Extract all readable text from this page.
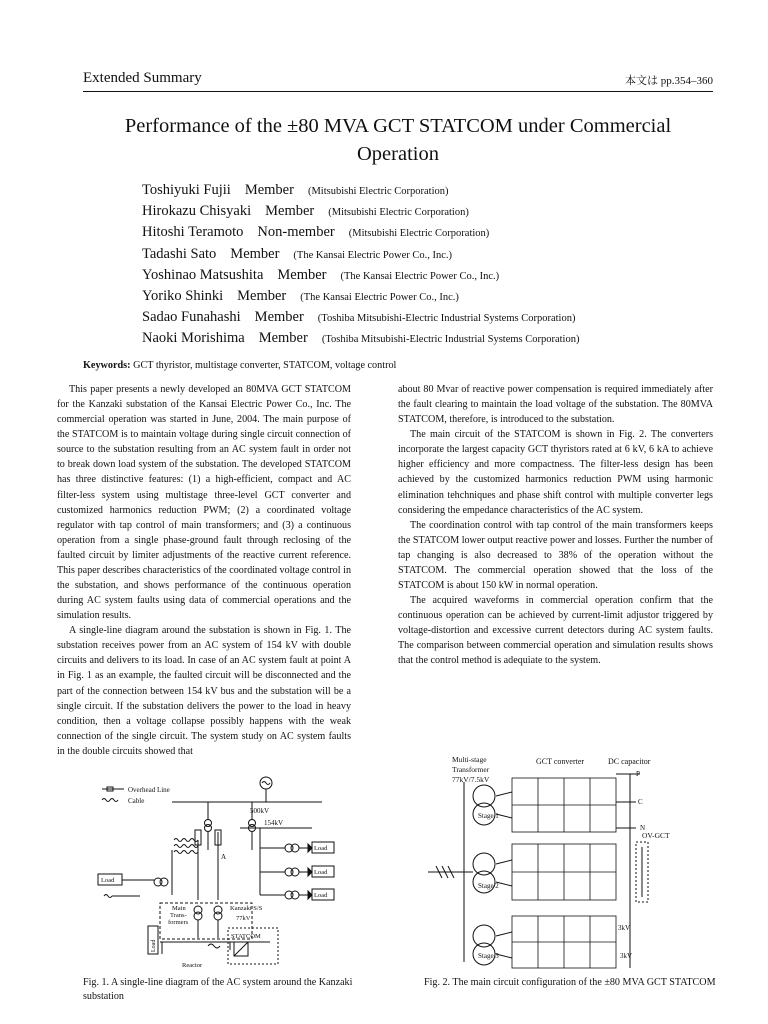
Extended Summary	本文は pp.354–360
Performance of the ±80 MVA GCT STATCOM under Commercial Operation
Toshiyuki Fujii Member (Mitsubishi Electric Corporation)
Hirokazu Chisyaki Member (Mitsubishi Electric Corporation)
Hitoshi Teramoto Non-member (Mitsubishi Electric Corporation)
Tadashi Sato Member (The Kansai Electric Power Co., Inc.)
Yoshinao Matsushita Member (The Kansai Electric Power Co., Inc.)
Yoriko Shinki Member (The Kansai Electric Power Co., Inc.)
Sadao Funahashi Member (Toshiba Mitsubishi-Electric Industrial Systems Corporation)
Naoki Morishima Member (Toshiba Mitsubishi-Electric Industrial Systems Corporation)
Keywords: GCT thyristor, multistage converter, STATCOM, voltage control

This paper presents a newly developed an 80MVA GCT STATCOM for the Kanzaki substation of the Kansai Electric Power Co., Inc. The commercial operation was started in June, 2004. The main purpose of the STATCOM is to maintain voltage during single circuit connection of source to the substation resulting from an AC system fault in order not to break down load system of the substation. The developed STATCOM has three distinctive features: (1) a high-efficient, compact and AC filter-less system using multistage three-level GCT converter and customized harmonics reduction PWM; (2) a coordinated voltage regulator with tap control of main transformers; and (3) a continuous operation from a single phase-ground fault through reclosing of the faulted circuit by limiter adjustments of the reactive current reference. This paper describes characteristics of the coordinated voltage control in the substation, and shows performance of the continuous operation during AC system faults using data of commercial operations and the simulation results.

A single-line diagram around the substation is shown in Fig. 1. The substation receives power from an AC system of 154 kV with double circuits and delivers to its load. In case of an AC system fault at point A in Fig. 1 as an example, the faulted circuit will be disconnected and the part of the connection between 154 kV bus and the substation will be a single circuit. If the substation delivers the power to the load in heavy condition, then a voltage collapse possibly happens with the weak connection of the single circuit. The system study on AC system faults in the double circuits showed that

about 80 Mvar of reactive power compensation is required immediately after the fault clearing to maintain the load voltage of the substation. The 80MVA STATCOM, therefore, is introduced to the substation.

The main circuit of the STATCOM is shown in Fig. 2. The converters incorporate the largest capacity GCT thyristors rated at 6 kV, 6 kA to achieve higher efficiency and more compactness. The filter-less design has been achieved by the customized harmonics reduction PWM using harmonic elimination tehchniques and phase shift control with multiple converter legs considering the empedance characteristics of the AC system.

The coordination control with tap control of the main transformers keeps the STATCOM lower output reactive power and losses. Further the number of tap changing is also decreased to 38% of the operation without the STATCOM. The commercial operation showed that the loss of the STATCOM is about 150 kW in normal operation.

The acquired waveforms in commercial operation confirm that the continuous operation can be achieved by current-limit adjustor triggered by voltage-distortion and excessive current detectors during AC system faults. The comparison between commercial operation and simulation results shows that the control method is adequiate to the system.

Overhead Line
Cable
500kV
154kV
A
Load
Load
Load
Load
Main
Trans-
formers
Kanzaki S/S
77kV
Load
STATCOM
Reactor
Fig. 1. A single-line diagram of the AC system around the Kanzaki substation
Multi-stage
Transformer
77kV/7.5kV
GCT converter	DC capacitor
P
C
N
OV-GCT
Stage 1
Stage 2
Stage 3
3kV
3kV
Fig. 2. The main circuit configuration of the ±80 MVA GCT STATCOM
